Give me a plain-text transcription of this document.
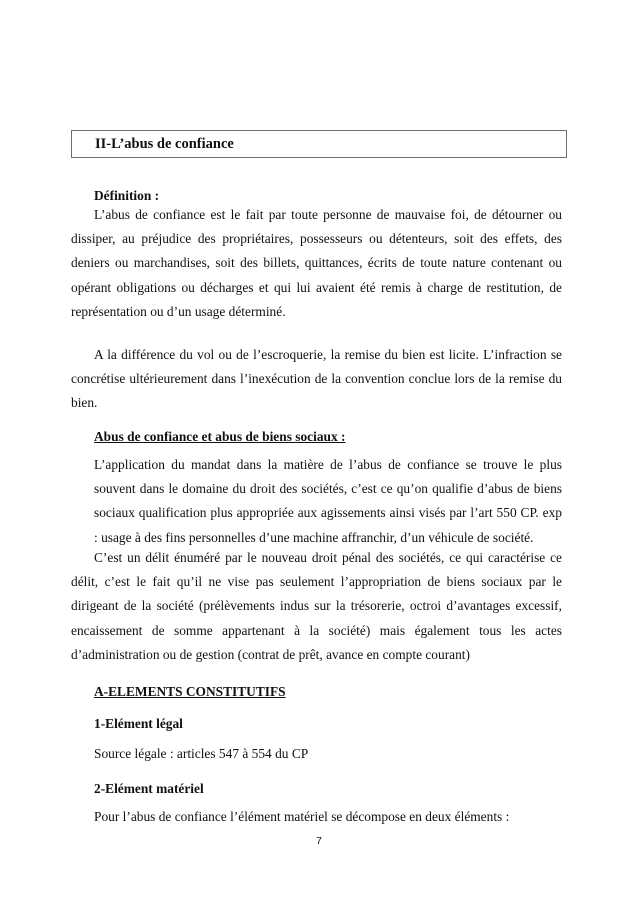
II-L’abus de confiance

Définition :

L’abus de confiance est le fait par toute personne de mauvaise foi, de détourner ou dissiper, au préjudice des propriétaires, possesseurs ou détenteurs, soit des effets, des deniers ou marchandises, soit des billets, quittances, écrits de toute nature contenant ou opérant obligations ou décharges et qui lui avaient été remis à charge de restitution, de représentation ou d’un usage déterminé.

A la différence du vol ou de l’escroquerie, la remise du bien est licite. L’infraction se concrétise ultérieurement dans l’inexécution de la convention conclue lors de la remise du bien.

Abus de confiance et abus de biens sociaux :

L’application du mandat dans la matière de l’abus de confiance se trouve le plus souvent dans le domaine du droit des sociétés, c’est ce qu’on qualifie d’abus de biens sociaux qualification plus appropriée aux agissements ainsi visés par l’art 550 CP. exp : usage à des fins personnelles d’une machine affranchir, d’un véhicule de société.

C’est un délit énuméré par le nouveau droit pénal des sociétés, ce qui caractérise ce délit, c’est le fait qu’il ne vise pas seulement l’appropriation de biens sociaux par le dirigeant de la société (prélèvements indus sur la trésorerie, octroi d’avantages excessif, encaissement de somme appartenant à la société) mais également tous les actes d’administration ou de gestion (contrat de prêt, avance en compte courant)

A-ELEMENTS CONSTITUTIFS

1-Elément légal

Source légale : articles 547 à 554 du CP

2-Elément matériel

Pour l’abus de confiance l’élément matériel se décompose en deux éléments :

7
